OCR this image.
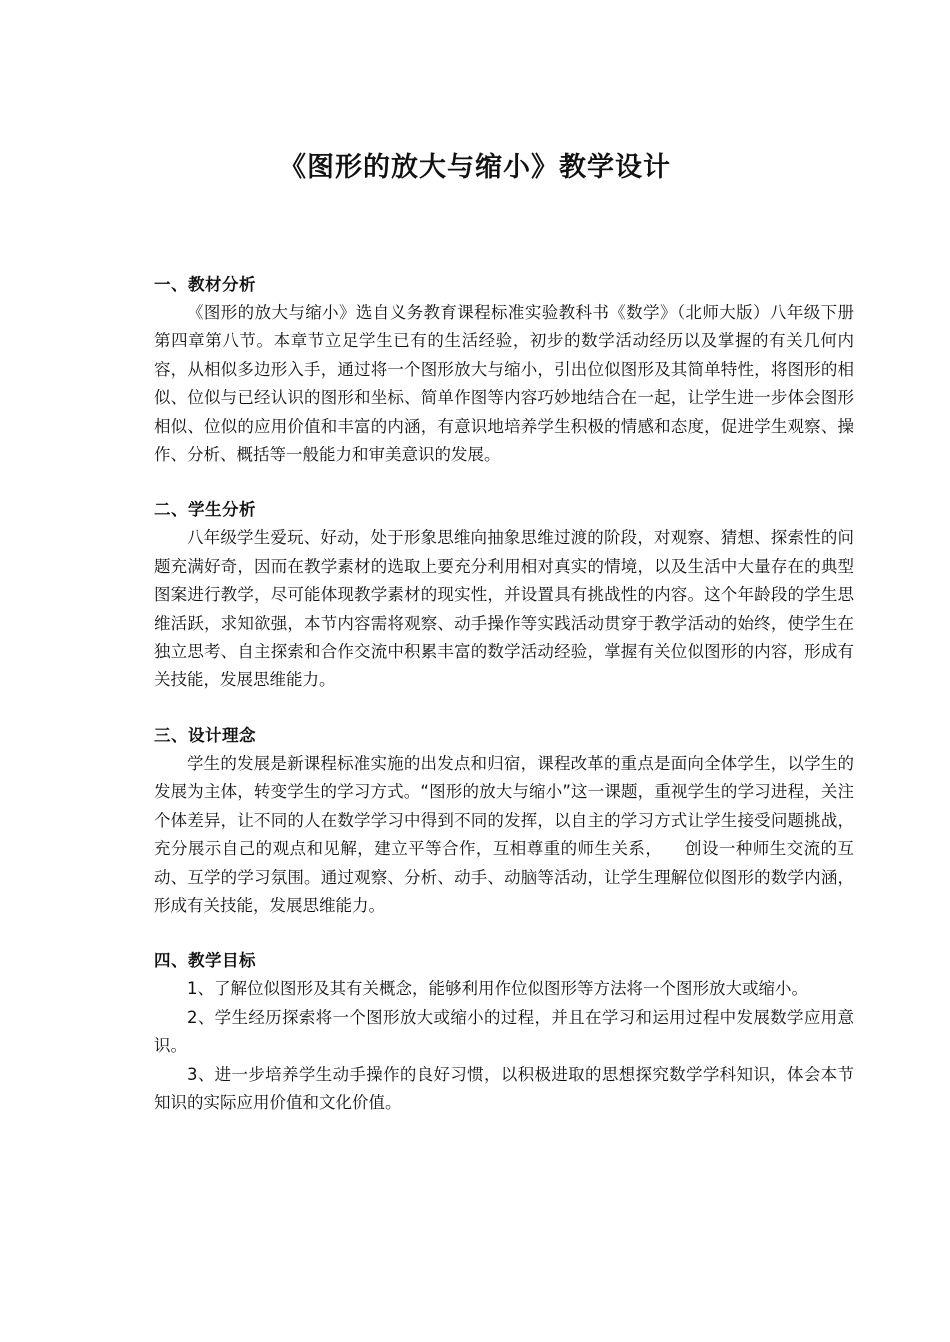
《图形的放大与缩小》教学设计
一、教材分析

《图形的放大与缩小》选自义务教育课程标准实验教科书《数学》（北师大版）八年级下册第四章第八节。本章节立足学生已有的生活经验，初步的数学活动经历以及掌握的有关几何内容，从相似多边形入手，通过将一个图形放大与缩小，引出位似图形及其简单特性，将图形的相似、位似与已经认识的图形和坐标、简单作图等内容巧妙地结合在一起，让学生进一步体会图形相似、位似的应用价值和丰富的内涵，有意识地培养学生积极的情感和态度，促进学生观察、操作、分析、概括等一般能力和审美意识的发展。

二、学生分析

八年级学生爱玩、好动，处于形象思维向抽象思维过渡的阶段，对观察、猜想、探索性的问题充满好奇，因而在教学素材的选取上要充分利用相对真实的情境，以及生活中大量存在的典型图案进行教学，尽可能体现教学素材的现实性，并设置具有挑战性的内容。这个年龄段的学生思维活跃，求知欲强，本节内容需将观察、动手操作等实践活动贯穿于教学活动的始终，使学生在独立思考、自主探索和合作交流中积累丰富的数学活动经验，掌握有关位似图形的内容，形成有关技能，发展思维能力。

三、设计理念

学生的发展是新课程标准实施的出发点和归宿，课程改革的重点是面向全体学生，以学生的发展为主体，转变学生的学习方式。“图形的放大与缩小”这一课题，重视学生的学习进程，关注个体差异，让不同的人在数学学习中得到不同的发挥，以自主的学习方式让学生接受问题挑战，充分展示自己的观点和见解，建立平等合作，互相尊重的师生关系，    创设一种师生交流的互动、互学的学习氛围。通过观察、分析、动手、动脑等活动，让学生理解位似图形的数学内涵，形成有关技能，发展思维能力。

四、教学目标

1、了解位似图形及其有关概念，能够利用作位似图形等方法将一个图形放大或缩小。

2、学生经历探索将一个图形放大或缩小的过程，并且在学习和运用过程中发展数学应用意识。

3、进一步培养学生动手操作的良好习惯，以积极进取的思想探究数学学科知识，体会本节知识的实际应用价值和文化价值。
